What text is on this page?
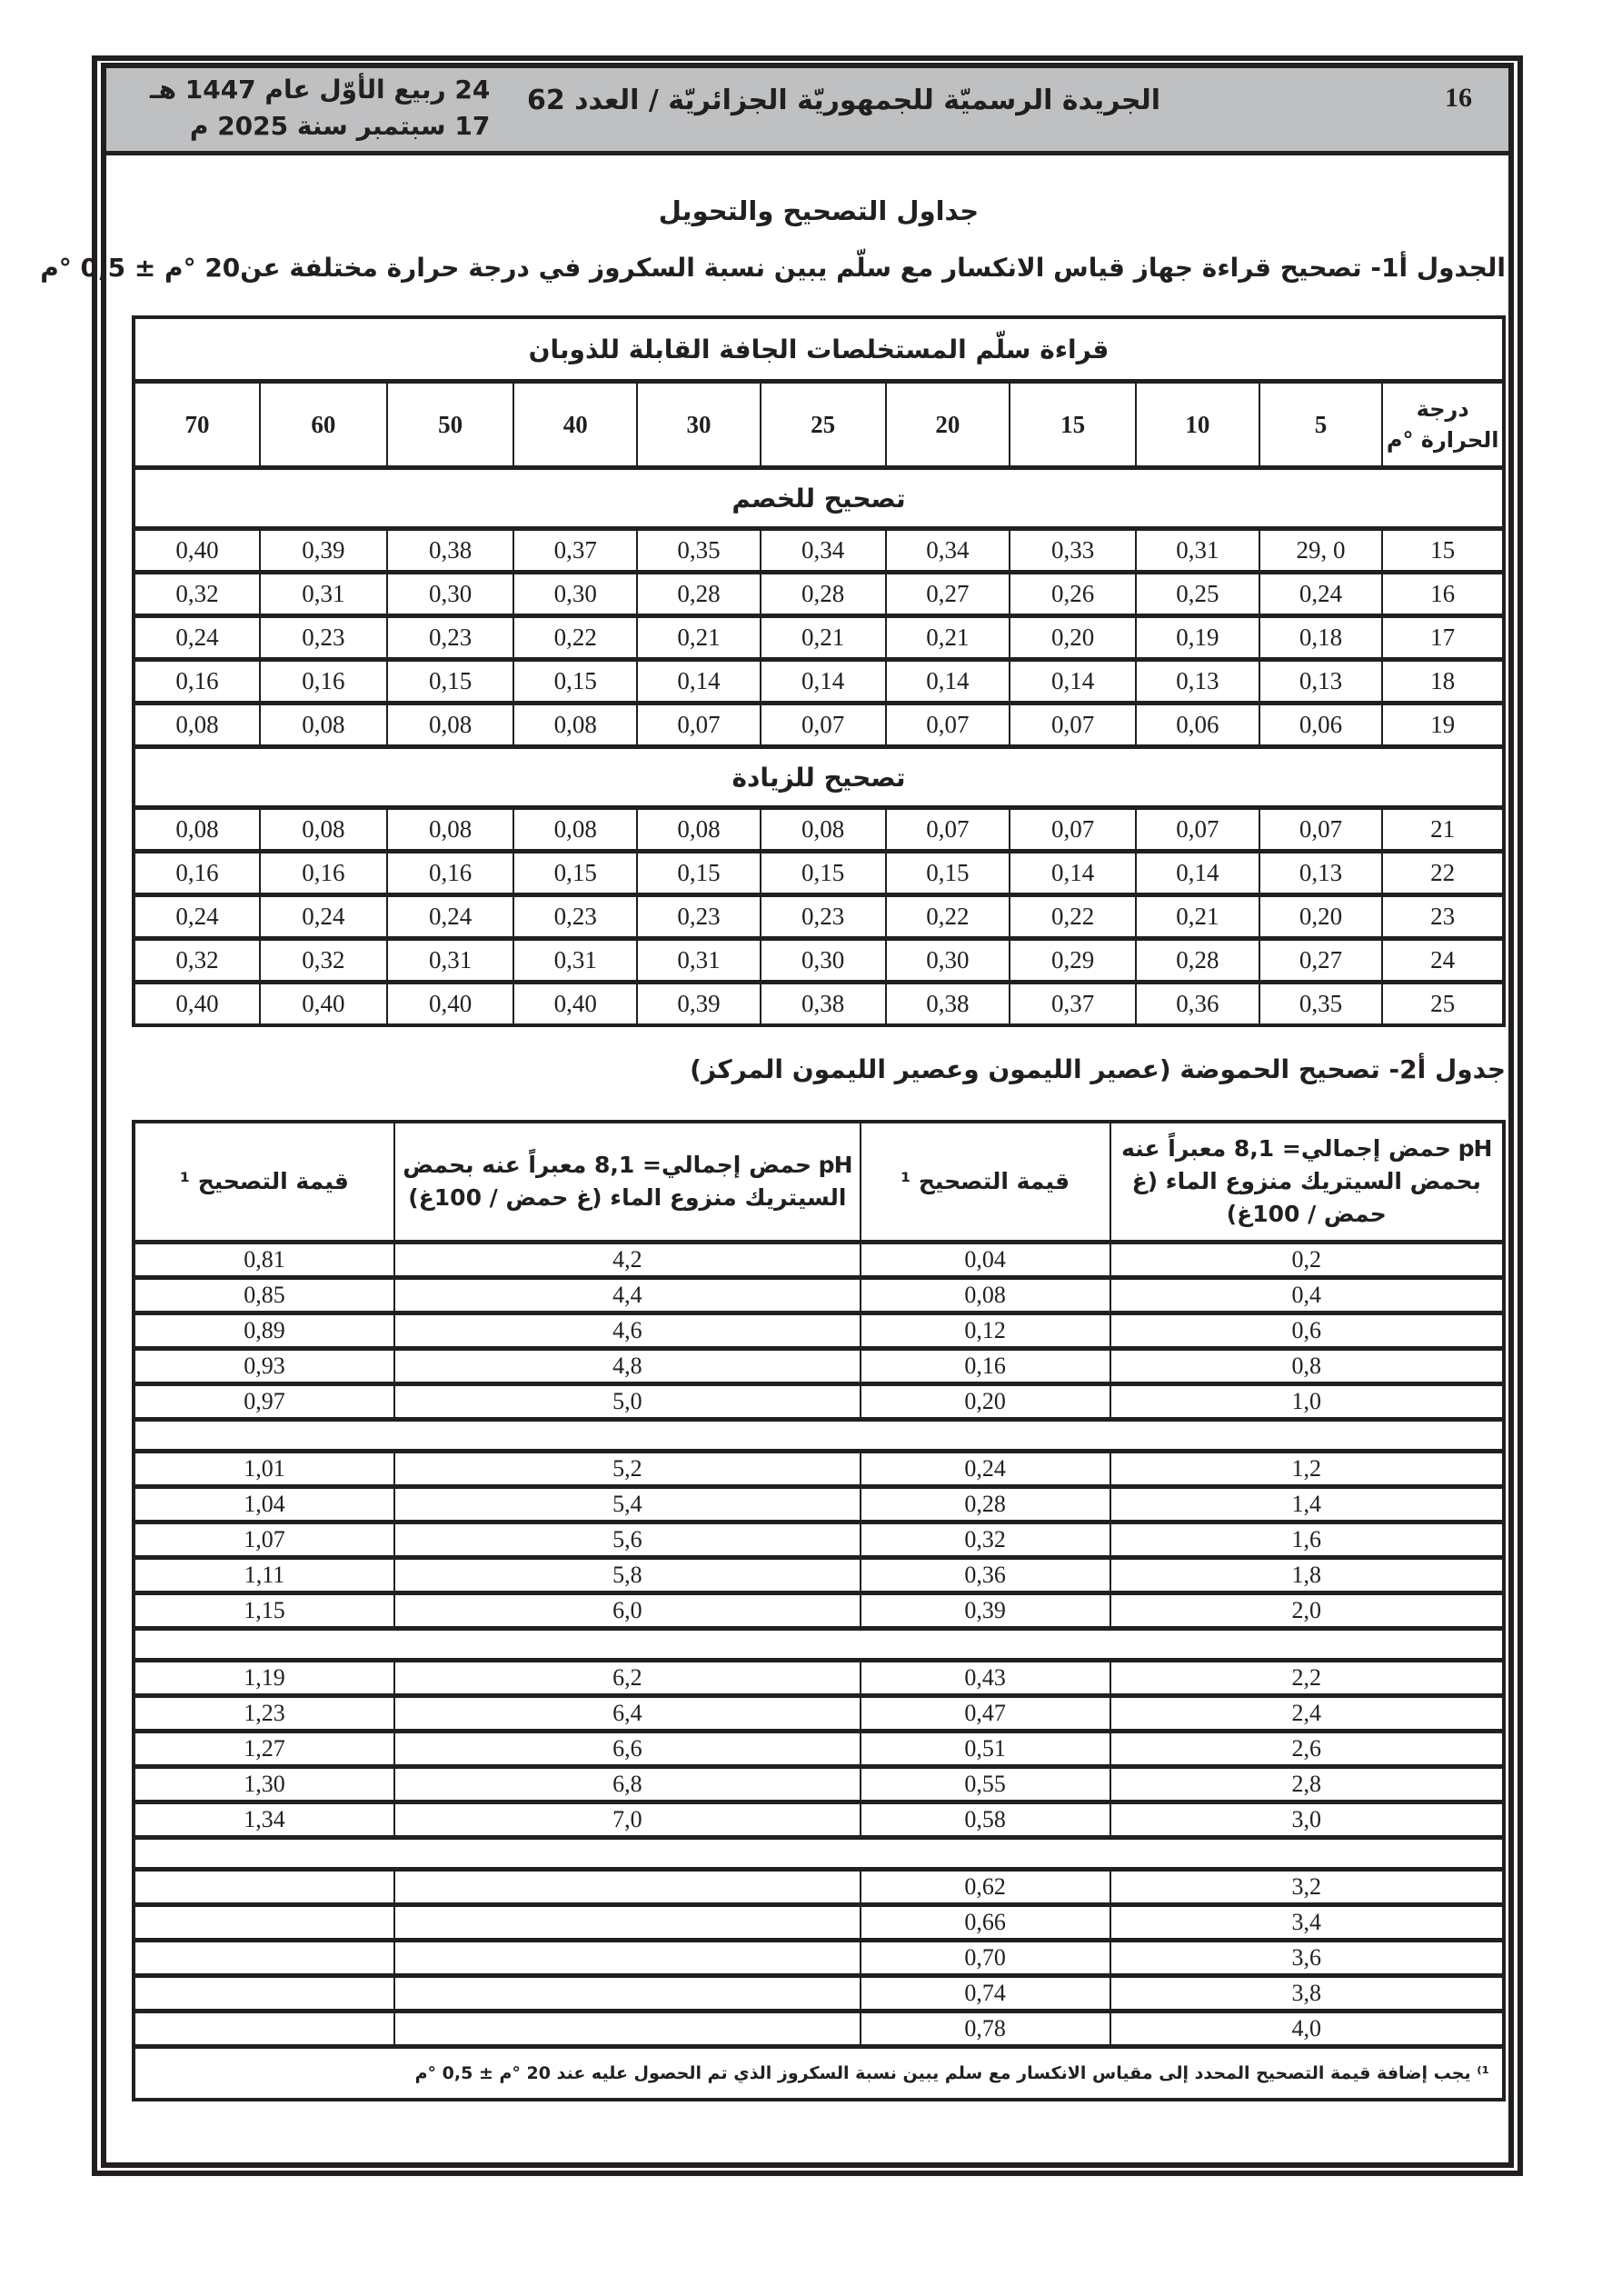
16
الجريدة الرسميّة للجمهوريّة الجزائريّة / العدد 62
24 ربيع الأوّل عام 1447 هـ
17 سبتمبر سنة 2025 م
جداول التصحيح والتحويل
الجدول أ1- تصحيح قراءة جهاز قياس الانكسار مع سلّم يبين نسبة السكروز في درجة حرارة مختلفة عن20 °م ± 0,5 °م
قراءة سلّم المستخلصات الجافة القابلة للذوبان										
درجة الحرارة °م	5	10	15	20	25	30	40	50	60	70
تصحيح للخصم										
15	0 ,29	0,31	0,33	0,34	0,34	0,35	0,37	0,38	0,39	0,40
16	0,24	0,25	0,26	0,27	0,28	0,28	0,30	0,30	0,31	0,32
17	0,18	0,19	0,20	0,21	0,21	0,21	0,22	0,23	0,23	0,24
18	0,13	0,13	0,14	0,14	0,14	0,14	0,15	0,15	0,16	0,16
19	0,06	0,06	0,07	0,07	0,07	0,07	0,08	0,08	0,08	0,08
تصحيح للزيادة										
21	0,07	0,07	0,07	0,07	0,08	0,08	0,08	0,08	0,08	0,08
22	0,13	0,14	0,14	0,15	0,15	0,15	0,15	0,16	0,16	0,16
23	0,20	0,21	0,22	0,22	0,23	0,23	0,23	0,24	0,24	0,24
24	0,27	0,28	0,29	0,30	0,30	0,31	0,31	0,31	0,32	0,32
25	0,35	0,36	0,37	0,38	0,38	0,39	0,40	0,40	0,40	0,40
جدول أ2- تصحيح الحموضة (عصير الليمون وعصير الليمون المركز)
pH حمض إجمالي= 8,1 معبراً عنه بحمض السيتريك منزوع الماء (غ حمض / 100غ)	قيمة التصحيح ¹	pH حمض إجمالي= 8,1 معبراً عنه بحمض السيتريك منزوع الماء (غ حمض / 100غ)	قيمة التصحيح ¹
0,2	0,04	4,2	0,81
0,4	0,08	4,4	0,85
0,6	0,12	4,6	0,89
0,8	0,16	4,8	0,93
1,0	0,20	5,0	0,97

1,2	0,24	5,2	1,01
1,4	0,28	5,4	1,04
1,6	0,32	5,6	1,07
1,8	0,36	5,8	1,11
2,0	0,39	6,0	1,15

2,2	0,43	6,2	1,19
2,4	0,47	6,4	1,23
2,6	0,51	6,6	1,27
2,8	0,55	6,8	1,30
3,0	0,58	7,0	1,34

3,2	0,62		
3,4	0,66		
3,6	0,70		
3,8	0,74		
4,0	0,78		
¹⁾ يجب إضافة قيمة التصحيح المحدد إلى مقياس الانكسار مع سلم يبين نسبة السكروز الذي تم الحصول عليه عند 20 °م ± 0,5 °م			
